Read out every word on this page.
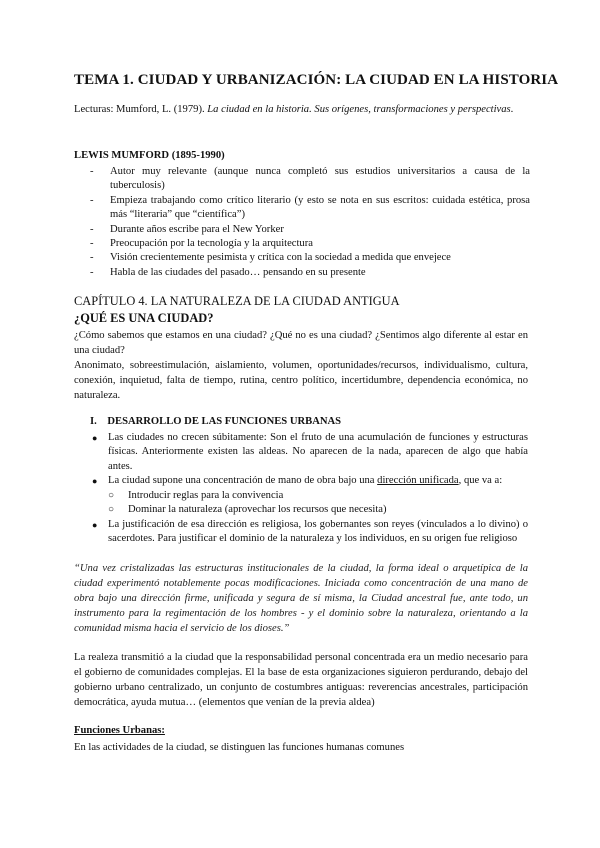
TEMA 1. CIUDAD Y URBANIZACIÓN: LA CIUDAD EN LA HISTORIA
Lecturas: Mumford, L. (1979). La ciudad en la historia. Sus orígenes, transformaciones y perspectivas.
LEWIS MUMFORD (1895-1990)
- Autor muy relevante (aunque nunca completó sus estudios universitarios a causa de la tuberculosis)
- Empieza trabajando como crítico literario (y esto se nota en sus escritos: cuidada estética, prosa más “literaria” que “científica”)
- Durante años escribe para el New Yorker
- Preocupación por la tecnología y la arquitectura
- Visión crecientemente pesimista y crítica con la sociedad a medida que envejece
- Habla de las ciudades del pasado… pensando en su presente
CAPÍTULO 4. LA NATURALEZA DE LA CIUDAD ANTIGUA
¿QUÉ ES UNA CIUDAD?
¿Cómo sabemos que estamos en una ciudad? ¿Qué no es una ciudad? ¿Sentimos algo diferente al estar en una ciudad?
Anonimato, sobreestimulación, aislamiento, volumen, oportunidades/recursos, individualismo, cultura, conexión, inquietud, falta de tiempo, rutina, centro político, incertidumbre, dependencia económica, no naturaleza.
I. DESARROLLO DE LAS FUNCIONES URBANAS
● Las ciudades no crecen súbitamente: Son el fruto de una acumulación de funciones y estructuras físicas. Anteriormente existen las aldeas. No aparecen de la nada, aparecen de algo que había antes.
● La ciudad supone una concentración de mano de obra bajo una dirección unificada, que va a:
○ Introducir reglas para la convivencia
○ Dominar la naturaleza (aprovechar los recursos que necesita)
● La justificación de esa dirección es religiosa, los gobernantes son reyes (vinculados a lo divino) o sacerdotes. Para justificar el dominio de la naturaleza y los individuos, en su origen fue religioso
“Una vez cristalizadas las estructuras institucionales de la ciudad, la forma ideal o arquetípica de la ciudad experimentó notablemente pocas modificaciones. Iniciada como concentración de una mano de obra bajo una dirección firme, unificada y segura de sí misma, la Ciudad ancestral fue, ante todo, un instrumento para la regimentación de los hombres - y el dominio sobre la naturaleza, orientando a la comunidad misma hacia el servicio de los dioses.”
La realeza transmitió a la ciudad que la responsabilidad personal concentrada era un medio necesario para el gobierno de comunidades complejas. El la base de esta organizaciones siguieron perdurando, debajo del gobierno urbano centralizado, un conjunto de costumbres antiguas: reverencias ancestrales, participación democrática, ayuda mutua… (elementos que venían de la previa aldea)
Funciones Urbanas:
En las actividades de la ciudad, se distinguen las funciones humanas comunes
